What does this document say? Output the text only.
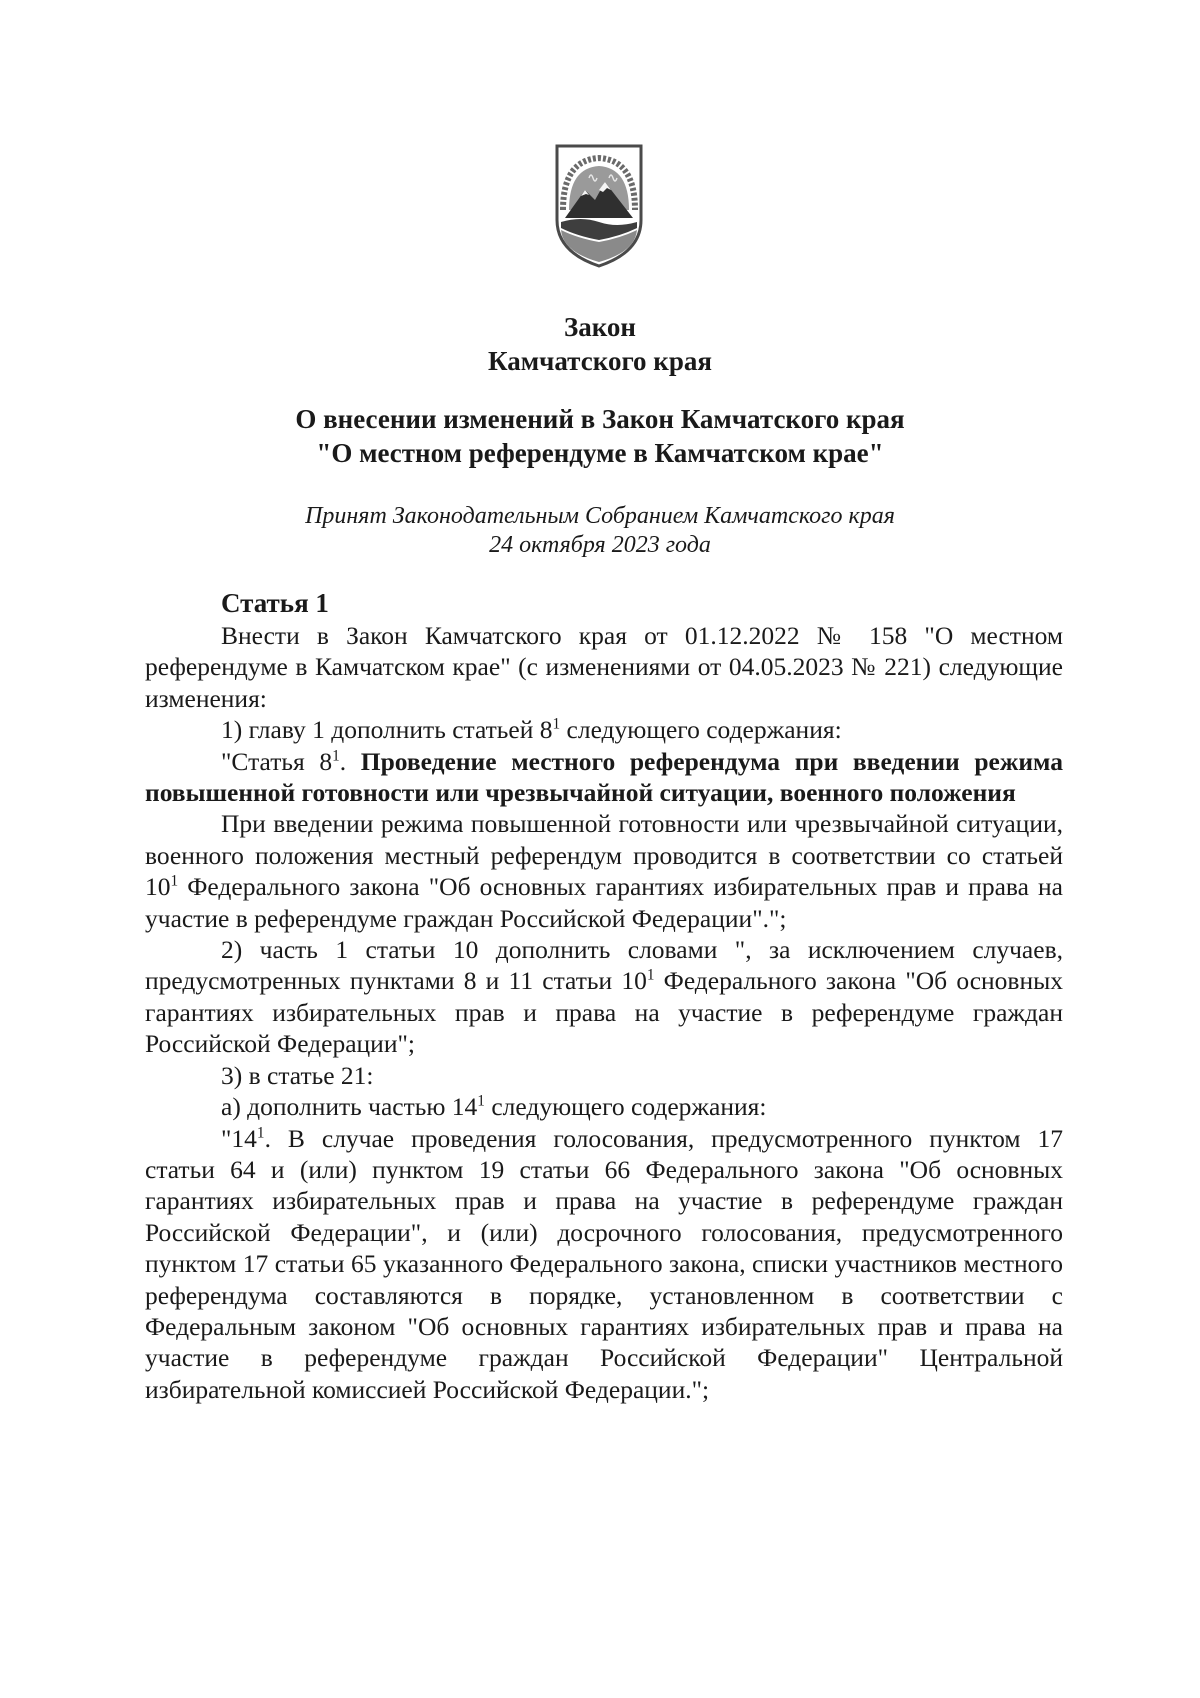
Закон
Камчатского края
О внесении изменений в Закон Камчатского края
"О местном референдуме в Камчатском крае"
Принят Законодательным Собранием Камчатского края
24 октября 2023 года
Статья 1

Внести в Закон Камчатского края от 01.12.2022 № 158 "О местном референдуме в Камчатском крае" (с изменениями от 04.05.2023 № 221) следующие изменения:

1) главу 1 дополнить статьей $8^1$ следующего содержания:

"Статья $8^1$. Проведение местного референдума при введении режима повышенной готовности или чрезвычайной ситуации, военного положения

При введении режима повышенной готовности или чрезвычайной ситуации, военного положения местный референдум проводится в соответствии со статьей $10^1$ Федерального закона "Об основных гарантиях избирательных прав и права на участие в референдуме граждан Российской Федерации".";

2) часть 1 статьи 10 дополнить словами ", за исключением случаев, предусмотренных пунктами 8 и 11 статьи $10^1$ Федерального закона "Об основных гарантиях избирательных прав и права на участие в референдуме граждан Российской Федерации";

3) в статье 21:

а) дополнить частью $14^1$ следующего содержания:

"$14^1$. В случае проведения голосования, предусмотренного пунктом 17 статьи 64 и (или) пунктом 19 статьи 66 Федерального закона "Об основных гарантиях избирательных прав и права на участие в референдуме граждан Российской Федерации", и (или) досрочного голосования, предусмотренного пунктом 17 статьи 65 указанного Федерального закона, списки участников местного референдума составляются в порядке, установленном в соответствии с Федеральным законом "Об основных гарантиях избирательных прав и права на участие в референдуме граждан Российской Федерации" Центральной избирательной комиссией Российской Федерации.";
